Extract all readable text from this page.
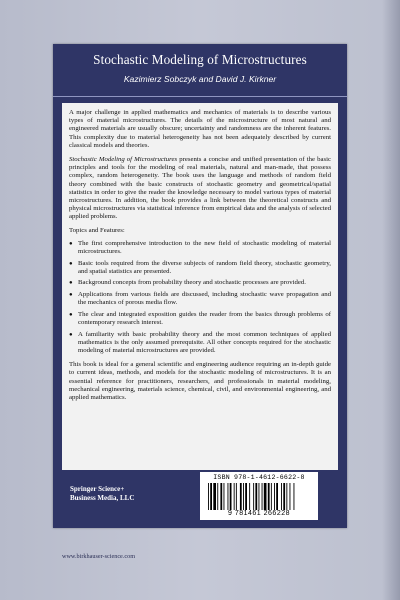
Stochastic Modeling of Microstructures
Kazimierz Sobczyk and David J. Kirkner

A major challenge in applied mathematics and mechanics of materials is to describe various types of material microstructures. The details of the microstructure of most natural and engineered materials are usually obscure; uncertainty and randomness are the inherent features. This complexity due to material heterogeneity has not been adequately described by current classical models and theories.

Stochastic Modeling of Microstructures presents a concise and unified presentation of the basic principles and tools for the modeling of real materials, natural and man-made, that possess complex, random heterogeneity. The book uses the language and methods of random field theory combined with the basic constructs of stochastic geometry and geometrical/spatial statistics in order to give the reader the knowledge necessary to model various types of material microstructures. In addition, the book provides a link between the theoretical constructs and physical microstructures via statistical inference from empirical data and the analysis of selected applied problems.

Topics and Features:

● The first comprehensive introduction to the new field of stochastic modeling of material microstructures.
● Basic tools required from the diverse subjects of random field theory, stochastic geometry, and spatial statistics are presented.
● Background concepts from probability theory and stochastic processes are provided.
● Applications from various fields are discussed, including stochastic wave propagation and the mechanics of porous media flow.
● The clear and integrated exposition guides the reader from the basics through problems of contemporary research interest.
● A familiarity with basic probability theory and the most common techniques of applied mathematics is the only assumed prerequisite. All other concepts required for the stochastic modeling of material microstructures are provided.

This book is ideal for a general scientific and engineering audience requiring an in-depth guide to current ideas, methods, and models for the stochastic modeling of microstructures. It is an essential reference for practitioners, researchers, and professionals in material modeling, mechanical engineering, materials science, chemical, civil, and environmental engineering, and applied mathematics.

Springer Science+
Business Media, LLC
www.birkhauser-science.com
ISBN 978-1-4612-6622-8
9 781461 266228
